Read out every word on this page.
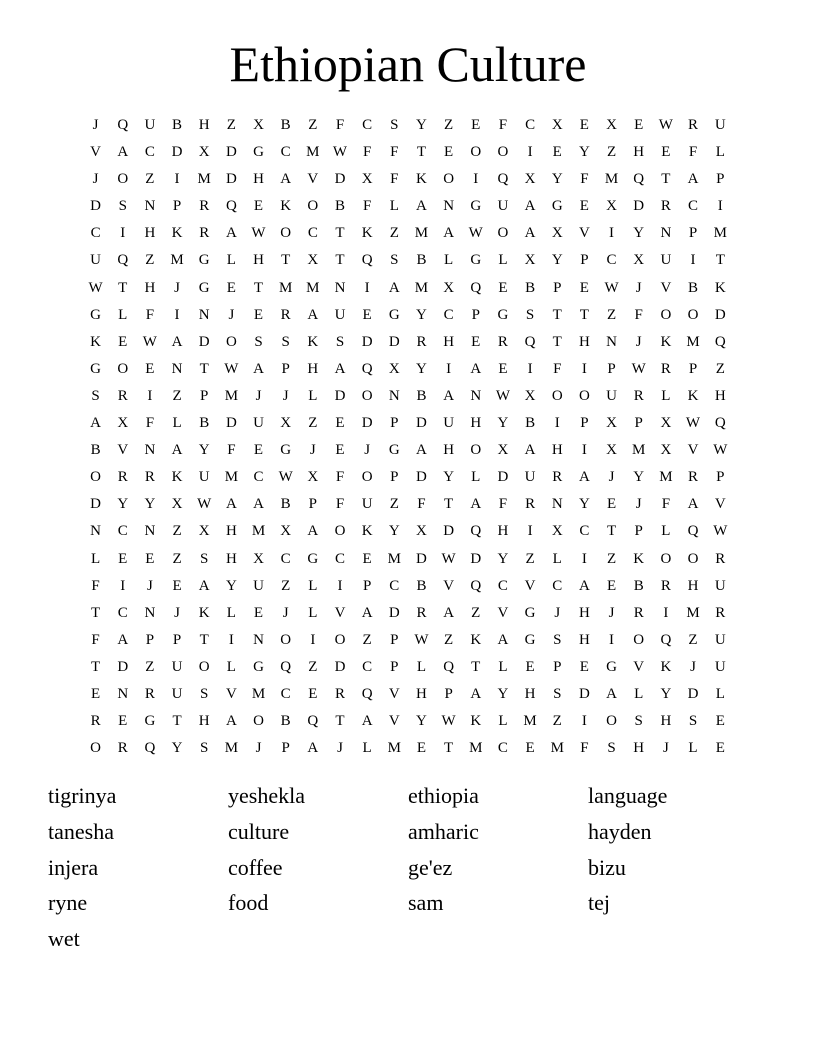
Ethiopian Culture
J	Q	U	B	H	Z	X	B	Z	F	C	S	Y	Z	E	F	C	X	E	X	E	W	R	U
V	A	C	D	X	D	G	C	M	W	F	F	T	E	O	O	I	E	Y	Z	H	E	F	L
J	O	Z	I	M	D	H	A	V	D	X	F	K	O	I	Q	X	Y	F	M	Q	T	A	P
D	S	N	P	R	Q	E	K	O	B	F	L	A	N	G	U	A	G	E	X	D	R	C	I
C	I	H	K	R	A	W	O	C	T	K	Z	M	A	W	O	A	X	V	I	Y	N	P	M
U	Q	Z	M	G	L	H	T	X	T	Q	S	B	L	G	L	X	Y	P	C	X	U	I	T
W	T	H	J	G	E	T	M	M	N	I	A	M	X	Q	E	B	P	E	W	J	V	B	K
G	L	F	I	N	J	E	R	A	U	E	G	Y	C	P	G	S	T	T	Z	F	O	O	D
K	E	W	A	D	O	S	S	K	S	D	D	R	H	E	R	Q	T	H	N	J	K	M	Q
G	O	E	N	T	W	A	P	H	A	Q	X	Y	I	A	E	I	F	I	P	W	R	P	Z
S	R	I	Z	P	M	J	J	L	D	O	N	B	A	N	W	X	O	O	U	R	L	K	H
A	X	F	L	B	D	U	X	Z	E	D	P	D	U	H	Y	B	I	P	X	P	X	W	Q
B	V	N	A	Y	F	E	G	J	E	J	G	A	H	O	X	A	H	I	X	M	X	V	W
O	R	R	K	U	M	C	W	X	F	O	P	D	Y	L	D	U	R	A	J	Y	M	R	P
D	Y	Y	X	W	A	A	B	P	F	U	Z	F	T	A	F	R	N	Y	E	J	F	A	V
N	C	N	Z	X	H	M	X	A	O	K	Y	X	D	Q	H	I	X	C	T	P	L	Q	W
L	E	E	Z	S	H	X	C	G	C	E	M	D	W	D	Y	Z	L	I	Z	K	O	O	R
F	I	J	E	A	Y	U	Z	L	I	P	C	B	V	Q	C	V	C	A	E	B	R	H	U
T	C	N	J	K	L	E	J	L	V	A	D	R	A	Z	V	G	J	H	J	R	I	M	R
F	A	P	P	T	I	N	O	I	O	Z	P	W	Z	K	A	G	S	H	I	O	Q	Z	U
T	D	Z	U	O	L	G	Q	Z	D	C	P	L	Q	T	L	E	P	E	G	V	K	J	U
E	N	R	U	S	V	M	C	E	R	Q	V	H	P	A	Y	H	S	D	A	L	Y	D	L
R	E	G	T	H	A	O	B	Q	T	A	V	Y	W	K	L	M	Z	I	O	S	H	S	E
O	R	Q	Y	S	M	J	P	A	J	L	M	E	T	M	C	E	M	F	S	H	J	L	E
tigrinya	yeshekla	ethiopia	language
tanesha	culture	amharic	hayden
injera	coffee	ge'ez	bizu
ryne	food	sam	tej
wet
